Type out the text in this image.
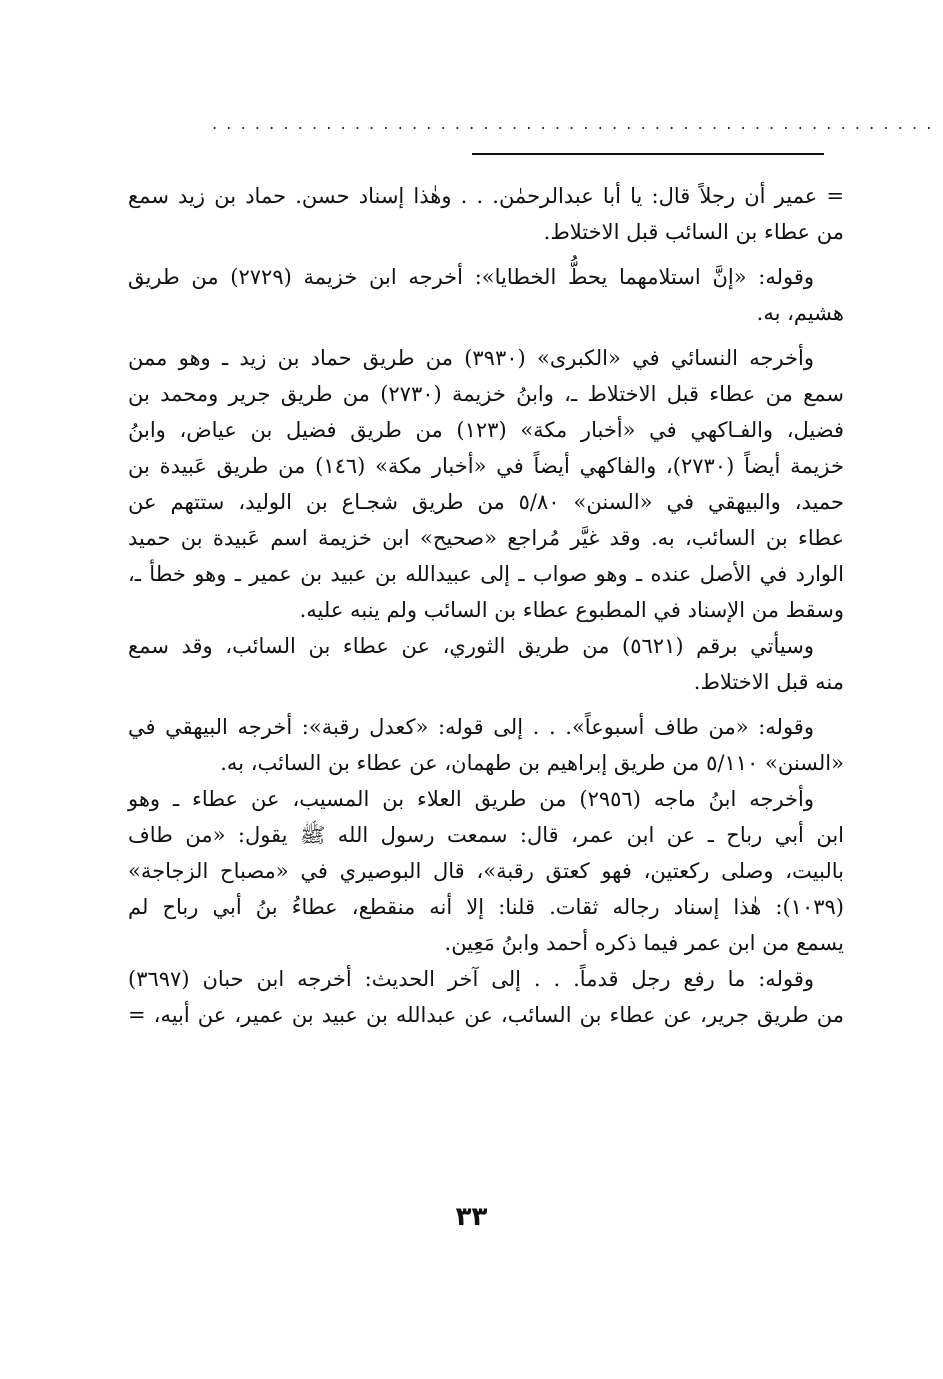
...................................................
= عمير أن رجلاً قال: يا أبا عبدالرحمٰن. . . وهٰذا إسناد حسن. حماد بن زيد سمع
من عطاء بن السائب قبل الاختلاط.
وقوله: «إنَّ استلامهما يحطُّ الخطايا»: أخرجه ابن خزيمة (٢٧٢٩) من طريق
هشيم، به.
وأخرجه النسائي في «الكبرى» (٣٩٣٠) من طريق حماد بن زيد ـ وهو ممن
سمع من عطاء قبل الاختلاط ـ، وابنُ خزيمة (٢٧٣٠) من طريق جرير ومحمد بن
فضيل، والفـاكهي في «أخبار مكة» (١٢٣) من طريق فضيل بن عياض، وابنُ
خزيمة أيضاً (٢٧٣٠)، والفاكهي أيضاً في «أخبار مكة» (١٤٦) من طريق عَبيدة بن
حميد، والبيهقي في «السنن» ٥/٨٠ من طريق شجـاع بن الوليد، ستتهم عن
عطاء بن السائب، به. وقد غيَّر مُراجع «صحيح» ابن خزيمة اسم عَبيدة بن حميد
الوارد في الأصل عنده ـ وهو صواب ـ إلى عبيدالله بن عبيد بن عمير ـ وهو خطأ ـ،
وسقط من الإسناد في المطبوع عطاء بن السائب ولم ينبه عليه.
وسيأتي برقم (٥٦٢١) من طريق الثوري، عن عطاء بن السائب، وقد سمع
منه قبل الاختلاط.
وقوله: «من طاف أسبوعاً». . . إلى قوله: «كعدل رقبة»: أخرجه البيهقي في
«السنن» ٥/١١٠ من طريق إبراهيم بن طهمان، عن عطاء بن السائب، به.
وأخرجه ابنُ ماجه (٢٩٥٦) من طريق العلاء بن المسيب، عن عطاء ـ وهو
ابن أبي رباح ـ عن ابن عمر، قال: سمعت رسول الله ﷺ يقول: «من طاف
بالبيت، وصلى ركعتين، فهو كعتق رقبة»، قال البوصيري في «مصباح الزجاجة»
(١٠٣٩): هٰذا إسناد رجاله ثقات. قلنا: إلا أنه منقطع، عطاءُ بنُ أبي رباح لم
يسمع من ابن عمر فيما ذكره أحمد وابنُ مَعِين.
وقوله: ما رفع رجل قدماً. . . إلى آخر الحديث: أخرجه ابن حبان (٣٦٩٧)
من طريق جرير، عن عطاء بن السائب، عن عبدالله بن عبيد بن عمير، عن أبيه، =
٣٣
